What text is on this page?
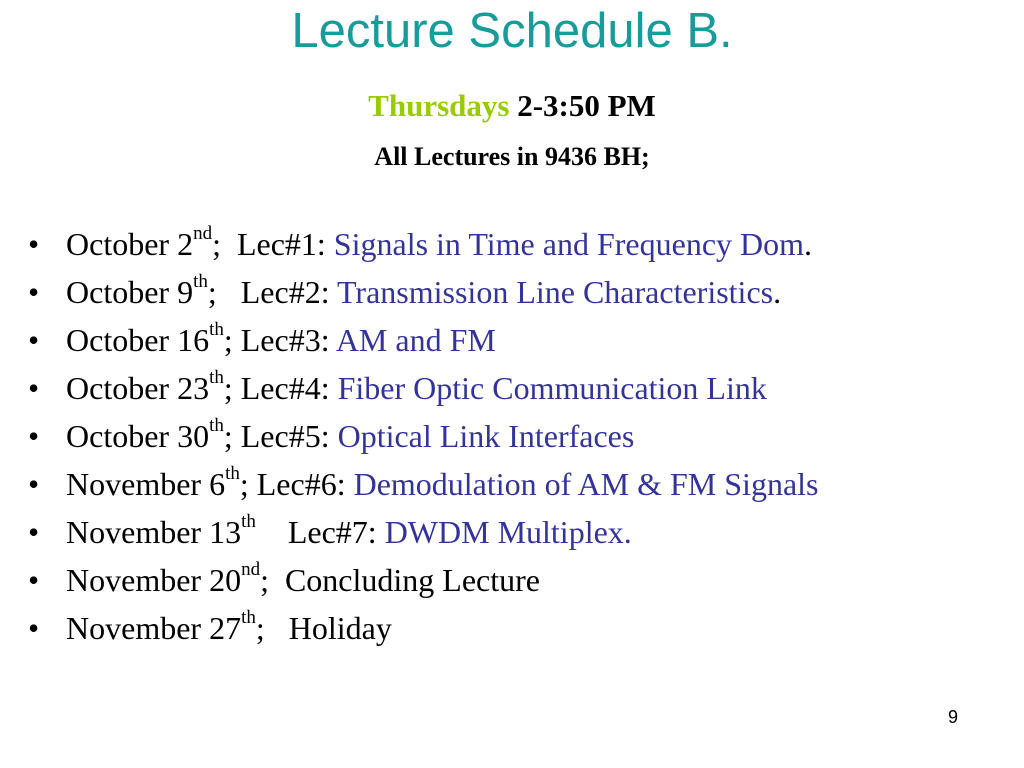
Lecture Schedule B.
Thursdays 2-3:50 PM
All Lectures in 9436 BH;
• October 2nd;  Lec#1: Signals in Time and Frequency Dom.
• October 9th;   Lec#2: Transmission Line Characteristics.
• October 16th; Lec#3: AM and FM
• October 23th; Lec#4: Fiber Optic Communication Link
• October 30th; Lec#5: Optical Link Interfaces
• November 6th; Lec#6: Demodulation of AM & FM Signals
• November 13th    Lec#7: DWDM Multiplex.
• November 20nd;  Concluding Lecture
• November 27th;   Holiday
9
